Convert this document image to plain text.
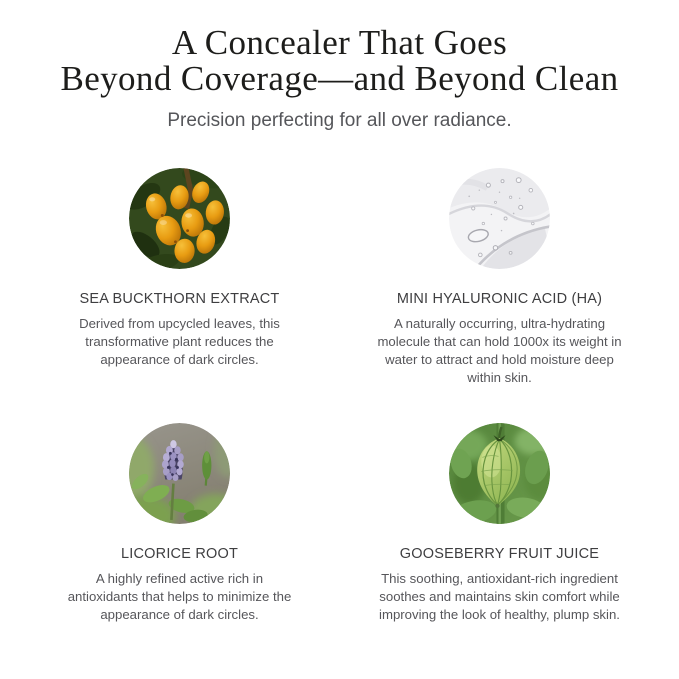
A Concealer That Goes
Beyond Coverage—and Beyond Clean

Precision perfecting for all over radiance.

SEA BUCKTHORN EXTRACT

Derived from upcycled leaves, this transformative plant reduces the appearance of dark circles.

MINI HYALURONIC ACID (HA)

A naturally occurring, ultra-hydrating molecule that can hold 1000x its weight in water to attract and hold moisture deep within skin.

LICORICE ROOT

A highly refined active rich in antioxidants that helps to minimize the appearance of dark circles.

GOOSEBERRY FRUIT JUICE

This soothing, antioxidant-rich ingredient soothes and maintains skin comfort while improving the look of healthy, plump skin.
